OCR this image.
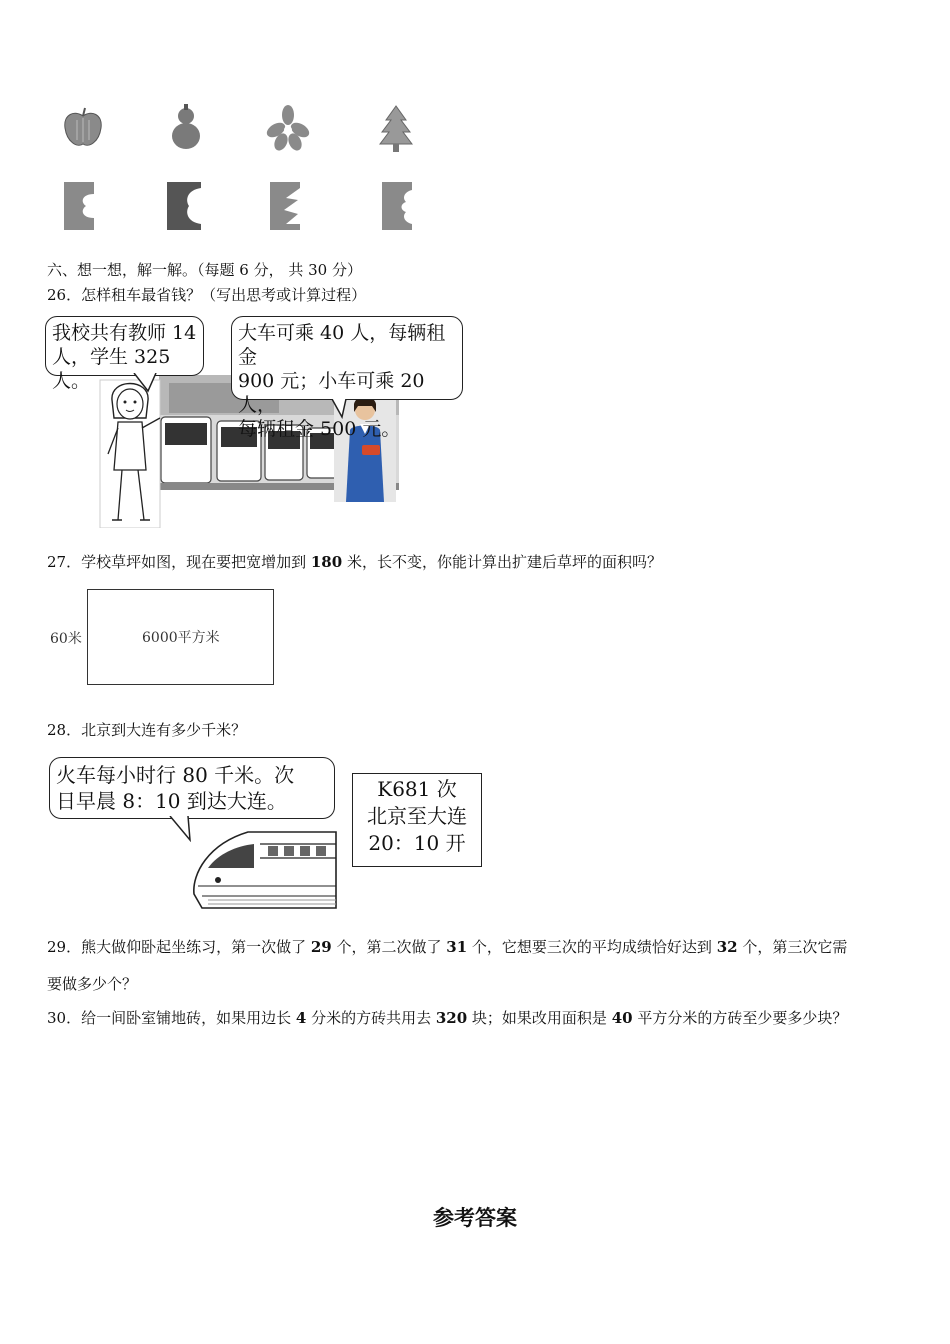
六、想一想，解一解。（每题 6 分， 共 30 分）
26．怎样租车最省钱？（写出思考或计算过程）
我校共有教师 14
人，学生 325 人。
大车可乘 40 人，每辆租金
900 元；小车可乘 20 人，
每辆租金 500 元。
27．学校草坪如图，现在要把宽增加到 180 米，长不变，你能计算出扩建后草坪的面积吗？
60米	6000平方米
28．北京到大连有多少千米？
火车每小时行 80 千米。次
日早晨 8：10 到达大连。	K681 次
北京至大连
20：10 开
29．熊大做仰卧起坐练习，第一次做了 29 个，第二次做了 31 个，它想要三次的平均成绩恰好达到 32 个，第三次它需
要做多少个？
30．给一间卧室铺地砖，如果用边长 4 分米的方砖共用去 320 块；如果改用面积是 40 平方分米的方砖至少要多少块？
参考答案
